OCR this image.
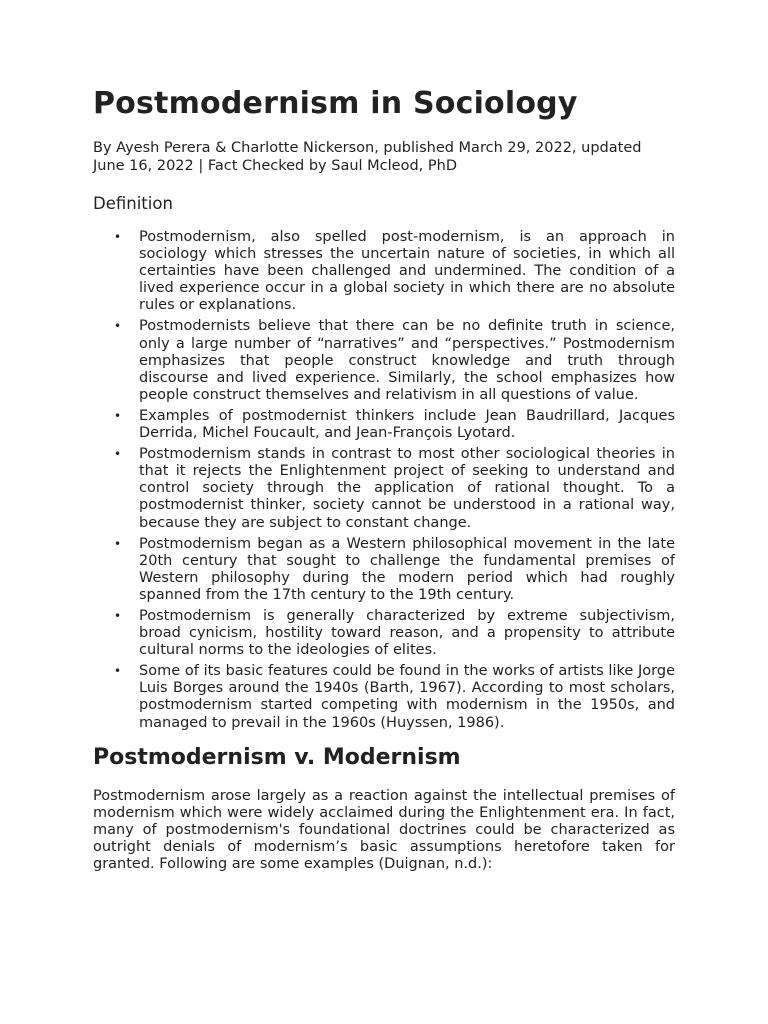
Postmodernism in Sociology
By Ayesh Perera & Charlotte Nickerson, published March 29, 2022, updated June 16, 2022 | Fact Checked by Saul Mcleod, PhD
Definition
• Postmodernism, also spelled post-modernism, is an approach in sociology which stresses the uncertain nature of societies, in which all certainties have been challenged and undermined. The condition of a lived experience occur in a global society in which there are no absolute rules or explanations.
• Postmodernists believe that there can be no definite truth in science, only a large number of “narratives” and “perspectives.” Postmodernism emphasizes that people construct knowledge and truth through discourse and lived experience. Similarly, the school emphasizes how people construct themselves and relativism in all questions of value.
• Examples of postmodernist thinkers include Jean Baudrillard, Jacques Derrida, Michel Foucault, and Jean-François Lyotard.
• Postmodernism stands in contrast to most other sociological theories in that it rejects the Enlightenment project of seeking to understand and control society through the application of rational thought. To a postmodernist thinker, society cannot be understood in a rational way, because they are subject to constant change.
• Postmodernism began as a Western philosophical movement in the late 20th century that sought to challenge the fundamental premises of Western philosophy during the modern period which had roughly spanned from the 17th century to the 19th century.
• Postmodernism is generally characterized by extreme subjectivism, broad cynicism, hostility toward reason, and a propensity to attribute cultural norms to the ideologies of elites.
• Some of its basic features could be found in the works of artists like Jorge Luis Borges around the 1940s (Barth, 1967). According to most scholars, postmodernism started competing with modernism in the 1950s, and managed to prevail in the 1960s (Huyssen, 1986).
Postmodernism v. Modernism

Postmodernism arose largely as a reaction against the intellectual premises of modernism which were widely acclaimed during the Enlightenment era. In fact, many of postmodernism's foundational doctrines could be characterized as outright denials of modernism’s basic assumptions heretofore taken for granted. Following are some examples (Duignan, n.d.):
